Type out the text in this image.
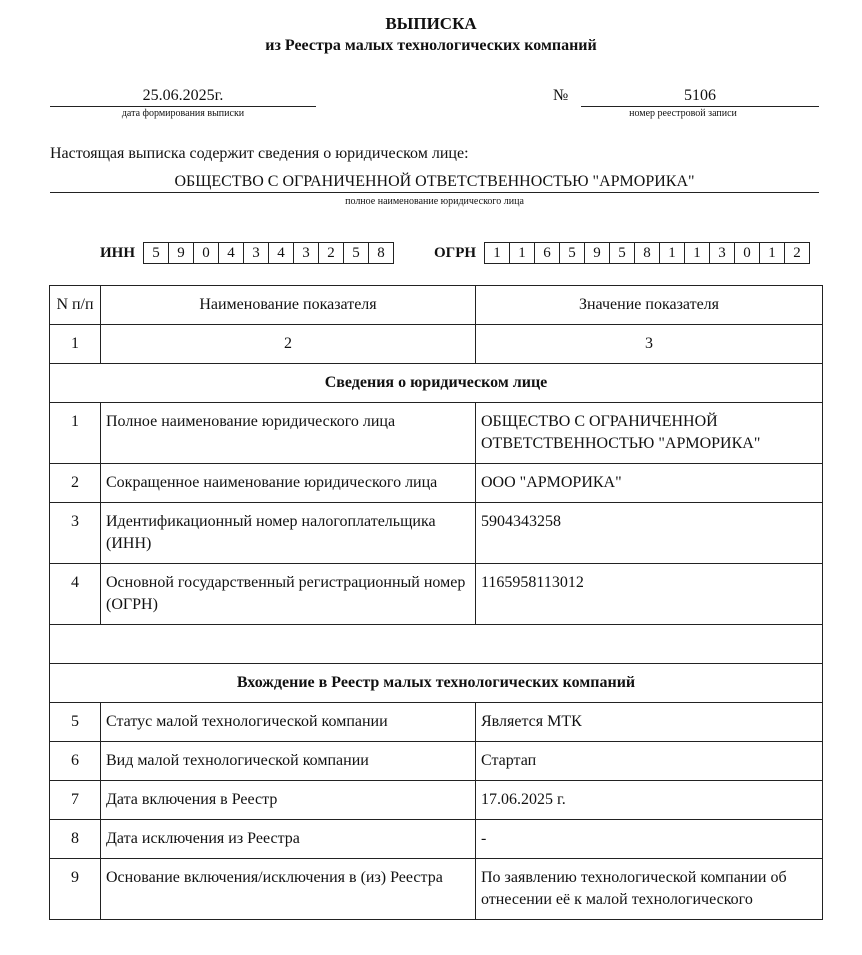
ВЫПИСКА
из Реестра малых технологических компаний
25.06.2025г.
дата формирования выписки
№	5106
номер реестровой записи
Настоящая выписка содержит сведения о юридическом лице:
ОБЩЕСТВО С ОГРАНИЧЕННОЙ ОТВЕТСТВЕННОСТЬЮ "АРМОРИКА"
полное наименование юридического лица
ИНН	5	9	0	4	3	4	3	2	5	8	ОГРН	1	1	6	5	9	5	8	1	1	3	0	1	2
N п/п	Наименование показателя	Значение показателя
1	2	3
Сведения о юридическом лице		
1	Полное наименование юридического лица	ОБЩЕСТВО С ОГРАНИЧЕННОЙ ОТВЕТСТВЕННОСТЬЮ "АРМОРИКА"
2	Сокращенное наименование юридического лица	ООО "АРМОРИКА"
3	Идентификационный номер налогоплательщика (ИНН)	5904343258
4	Основной государственный регистрационный номер (ОГРН)	1165958113012

Вхождение в Реестр малых технологических компаний		
5	Статус малой технологической компании	Является МТК
6	Вид малой технологической компании	Стартап
7	Дата включения в Реестр	17.06.2025 г.
8	Дата исключения из Реестра	-
9	Основание включения/исключения в (из) Реестра	По заявлению технологической компании об отнесении её к малой технологического
